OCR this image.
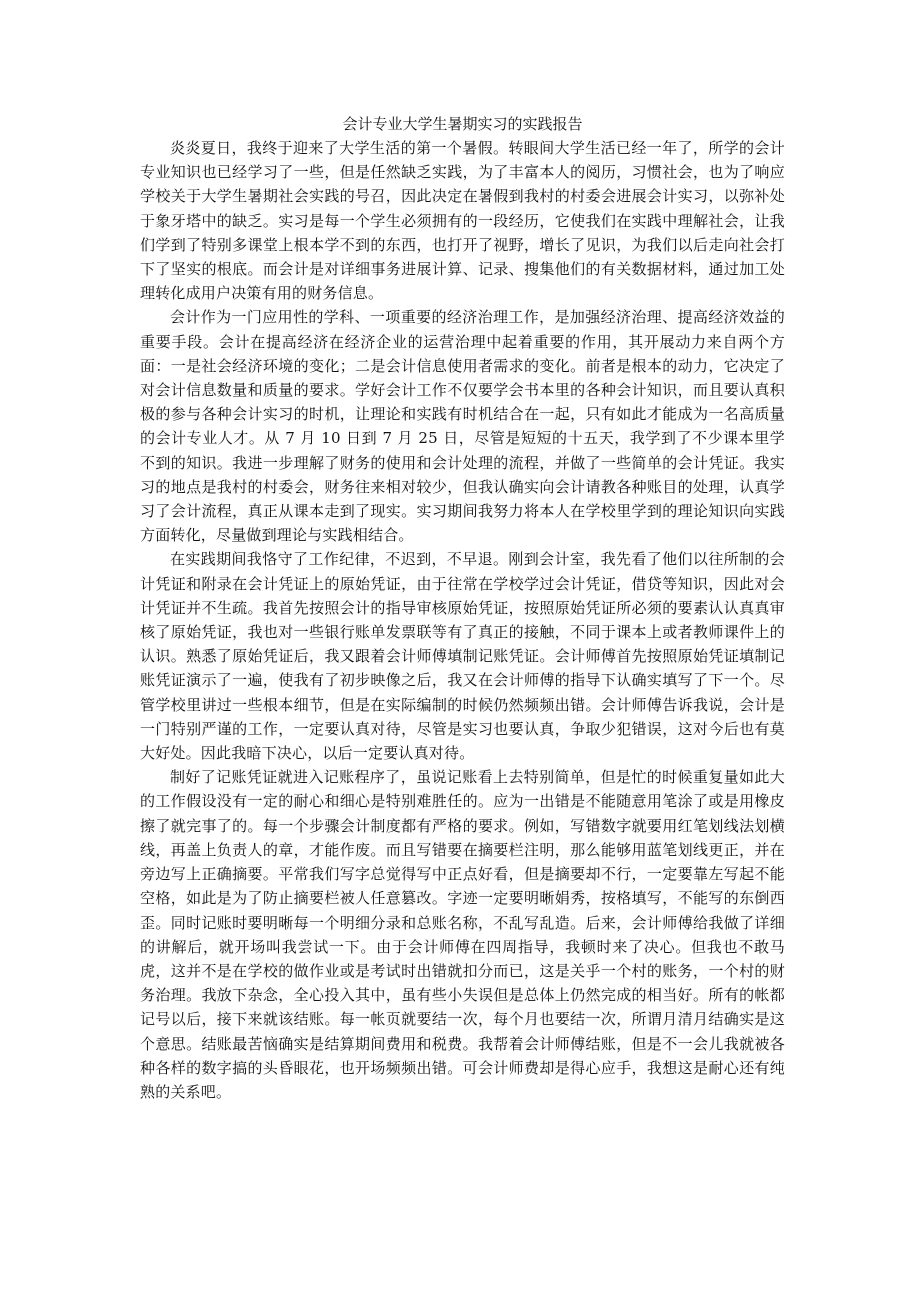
会计专业大学生暑期实习的实践报告

炎炎夏日，我终于迎来了大学生活的第一个暑假。转眼间大学生活已经一年了，所学的会计专业知识也已经学习了一些，但是任然缺乏实践，为了丰富本人的阅历，习惯社会，也为了响应学校关于大学生暑期社会实践的号召，因此决定在暑假到我村的村委会进展会计实习，以弥补处于象牙塔中的缺乏。实习是每一个学生必须拥有的一段经历，它使我们在实践中理解社会，让我们学到了特别多课堂上根本学不到的东西，也打开了视野，增长了见识，为我们以后走向社会打下了坚实的根底。而会计是对详细事务进展计算、记录、搜集他们的有关数据材料，通过加工处理转化成用户决策有用的财务信息。

会计作为一门应用性的学科、一项重要的经济治理工作，是加强经济治理、提高经济效益的重要手段。会计在提高经济在经济企业的运营治理中起着重要的作用，其开展动力来自两个方面：一是社会经济环境的变化；二是会计信息使用者需求的变化。前者是根本的动力，它决定了对会计信息数量和质量的要求。学好会计工作不仅要学会书本里的各种会计知识，而且要认真积极的参与各种会计实习的时机，让理论和实践有时机结合在一起，只有如此才能成为一名高质量的会计专业人才。从 7 月 10 日到 7 月 25 日，尽管是短短的十五天，我学到了不少课本里学不到的知识。我进一步理解了财务的使用和会计处理的流程，并做了一些简单的会计凭证。我实习的地点是我村的村委会，财务往来相对较少，但我认确实向会计请教各种账目的处理，认真学习了会计流程，真正从课本走到了现实。实习期间我努力将本人在学校里学到的理论知识向实践方面转化，尽量做到理论与实践相结合。

在实践期间我恪守了工作纪律，不迟到，不早退。刚到会计室，我先看了他们以往所制的会计凭证和附录在会计凭证上的原始凭证，由于往常在学校学过会计凭证，借贷等知识，因此对会计凭证并不生疏。我首先按照会计的指导审核原始凭证，按照原始凭证所必须的要素认认真真审核了原始凭证，我也对一些银行账单发票联等有了真正的接触，不同于课本上或者教师课件上的认识。熟悉了原始凭证后，我又跟着会计师傅填制记账凭证。会计师傅首先按照原始凭证填制记账凭证演示了一遍，使我有了初步映像之后，我又在会计师傅的指导下认确实填写了下一个。尽管学校里讲过一些根本细节，但是在实际编制的时候仍然频频出错。会计师傅告诉我说，会计是一门特别严谨的工作，一定要认真对待，尽管是实习也要认真，争取少犯错误，这对今后也有莫大好处。因此我暗下决心，以后一定要认真对待。

制好了记账凭证就进入记账程序了，虽说记账看上去特别简单，但是忙的时候重复量如此大的工作假设没有一定的耐心和细心是特别难胜任的。应为一出错是不能随意用笔涂了或是用橡皮擦了就完事了的。每一个步骤会计制度都有严格的要求。例如，写错数字就要用红笔划线法划横线，再盖上负责人的章，才能作废。而且写错要在摘要栏注明，那么能够用蓝笔划线更正，并在旁边写上正确摘要。平常我们写字总觉得写中正点好看，但是摘要却不行，一定要靠左写起不能空格，如此是为了防止摘要栏被人任意篡改。字迹一定要明晰娟秀，按格填写，不能写的东倒西歪。同时记账时要明晰每一个明细分录和总账名称，不乱写乱造。后来，会计师傅给我做了详细的讲解后，就开场叫我尝试一下。由于会计师傅在四周指导，我顿时来了决心。但我也不敢马虎，这并不是在学校的做作业或是考试时出错就扣分而已，这是关乎一个村的账务，一个村的财务治理。我放下杂念，全心投入其中，虽有些小失误但是总体上仍然完成的相当好。所有的帐都记号以后，接下来就该结账。每一帐页就要结一次，每个月也要结一次，所谓月清月结确实是这个意思。结账最苦恼确实是结算期间费用和税费。我帮着会计师傅结账，但是不一会儿我就被各种各样的数字搞的头昏眼花，也开场频频出错。可会计师费却是得心应手，我想这是耐心还有纯熟的关系吧。
